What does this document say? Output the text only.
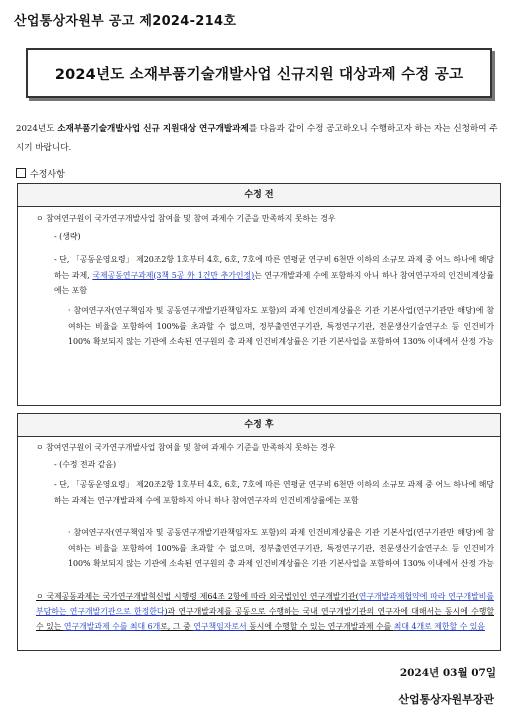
산업통상자원부 공고 제2024-214호
2024년도 소재부품기술개발사업 신규지원 대상과제 수정 공고
2024년도 소재부품기술개발사업 신규 지원대상 연구개발과제를 다음과 같이 수정 공고하오니 수행하고자 하는 자는 신청하여 주시기 바랍니다.
수정사항
수정 전
ㅇ 참여연구원이 국가연구개발사업 참여율 및 참여 과제수 기준을 만족하지 못하는 경우
- (생략)
- 단, 「공동운영요령」 제20조2항 1호부터 4호, 6호, 7호에 따른 연평균 연구비 6천만 이하의 소규모 과제 중 어느 하나에 해당하는 과제, 국제공동연구과제(3책 5공 外 1건만 추가인정)는 연구개발과제 수에 포함하지 아니 하나 참여연구자의 인건비계상률에는 포함
· 참여연구자(연구책임자 및 공동연구개발기관책임자도 포함)의 과제 인건비계상률은 기관 기본사업(연구기관만 해당)에 참여하는 비율을 포함하여 100%를 초과할 수 없으며, 정부출연연구기관, 특정연구기관, 전문생산기술연구소 등 인건비가 100% 확보되지 않는 기관에 소속된 연구원의 총 과제 인건비계상률은 기관 기본사업을 포함하여 130% 이내에서 산정 가능
수정 후
ㅇ 참여연구원이 국가연구개발사업 참여율 및 참여 과제수 기준을 만족하지 못하는 경우
- (수정 전과 같음)
- 단, 「공동운영요령」 제20조2항 1호부터 4호, 6호, 7호에 따른 연평균 연구비 6천만 이하의 소규모 과제 중 어느 하나에 해당하는 과제는 연구개발과제 수에 포함하지 아니 하나 참여연구자의 인건비계상률에는 포함
· 참여연구자(연구책임자 및 공동연구개발기관책임자도 포함)의 과제 인건비계상률은 기관 기본사업(연구기관만 해당)에 참여하는 비율을 포함하여 100%를 초과할 수 없으며, 정부출연연구기관, 특정연구기관, 전문생산기술연구소 등 인건비가 100% 확보되지 않는 기관에 소속된 연구원의 총 과제 인건비계상률은 기관 기본사업을 포함하여 130% 이내에서 산정 가능
ㅇ 국제공동과제는 국가연구개발혁신법 시행령 제64조 2항에 따라 외국법인인 연구개발기관(연구개발과제협약에 따라 연구개발비를 부담하는 연구개발기관으로 한정한다)과 연구개발과제를 공동으로 수행하는 국내 연구개발기관의 연구자에 대해서는 동시에 수행할 수 있는 연구개발과제 수를 최대 6개로, 그 중 연구책임자로서 동시에 수행할 수 있는 연구개발과제 수를 최대 4개로 제한할 수 있음
2024년 03월 07일
산업통상자원부장관
